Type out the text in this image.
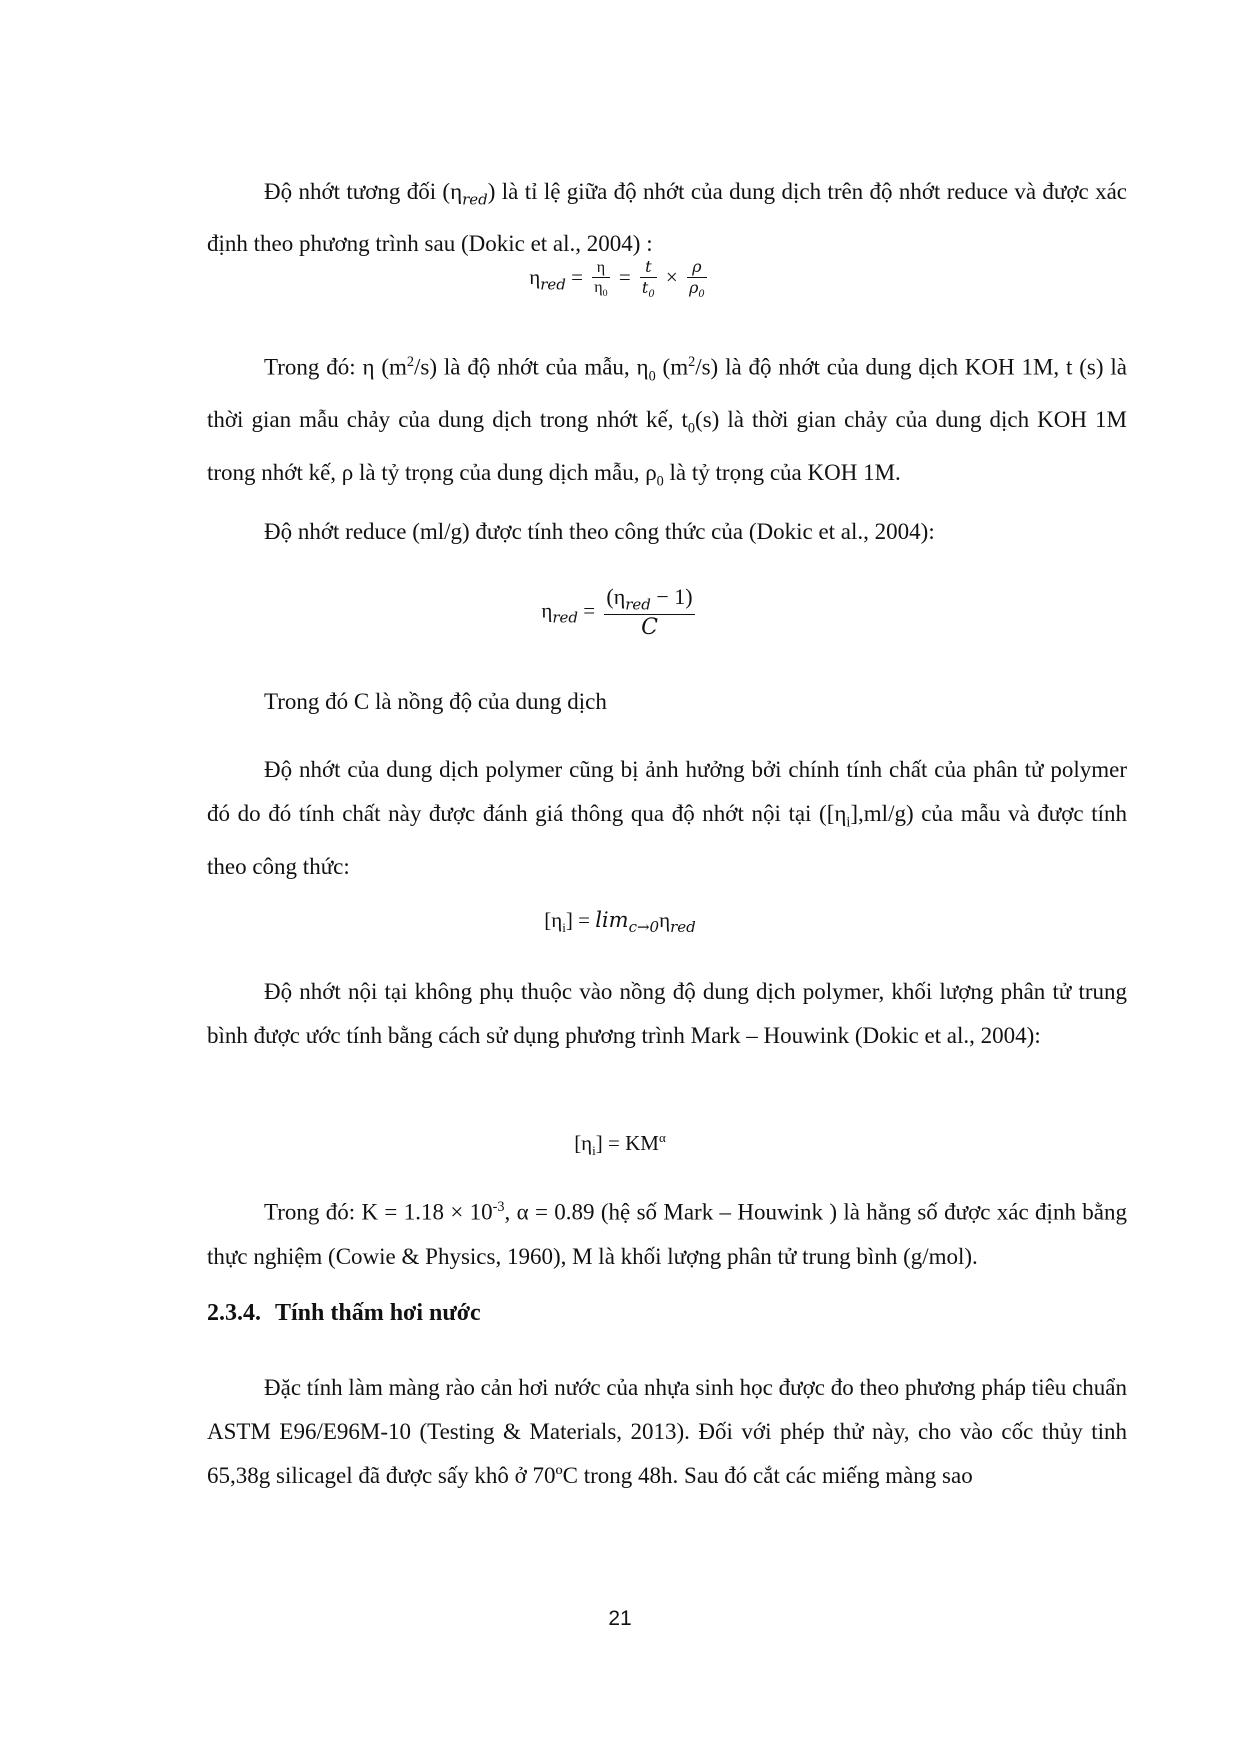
Độ nhớt tương đối $(\eta_{red})$ là tỉ lệ giữa độ nhớt của dung dịch trên độ nhớt reduce và được xác định theo phương trình sau (Dokic et al., 2004) :

$\eta_{red} = \frac{\eta}{\eta_0} = \frac{t}{t_0} \times \frac{\rho}{\rho_0}$

Trong đó: η $(m^2/s)$ là độ nhớt của mẫu, $\eta_0$ $(m^2/s)$ là độ nhớt của dung dịch KOH 1M, t (s) là thời gian mẫu chảy của dung dịch trong nhớt kế, $t_0(s)$ là thời gian chảy của dung dịch KOH 1M trong nhớt kế, ρ là tỷ trọng của dung dịch mẫu, $\rho_0$ là tỷ trọng của KOH 1M.

Độ nhớt reduce (ml/g) được tính theo công thức của (Dokic et al., 2004):

$\eta_{red} = \frac{(\eta_{red} - 1)}{C}$

Trong đó C là nồng độ của dung dịch

Độ nhớt của dung dịch polymer cũng bị ảnh hưởng bởi chính tính chất của phân tử polymer đó do đó tính chất này được đánh giá thông qua độ nhớt nội tại $([\eta_i],ml/g)$ của mẫu và được tính theo công thức:

$[\eta_i] = \lim_{c\to 0}\eta_{red}$

Độ nhớt nội tại không phụ thuộc vào nồng độ dung dịch polymer, khối lượng phân tử trung bình được ước tính bằng cách sử dụng phương trình Mark – Houwink (Dokic et al., 2004):

$[\eta_i] = KM^\alpha$

Trong đó: $K = 1.18 \times 10^{-3}$, α = 0.89 (hệ số Mark – Houwink ) là hằng số được xác định bằng thực nghiệm (Cowie & Physics, 1960), M là khối lượng phân tử trung bình (g/mol).

2.3.4. Tính thấm hơi nước

Đặc tính làm màng rào cản hơi nước của nhựa sinh học được đo theo phương pháp tiêu chuẩn ASTM E96/E96M-10 (Testing & Materials, 2013). Đối với phép thử này, cho vào cốc thủy tinh 65,38g silicagel đã được sấy khô ở 70ºC trong 48h. Sau đó cắt các miếng màng sao

21
